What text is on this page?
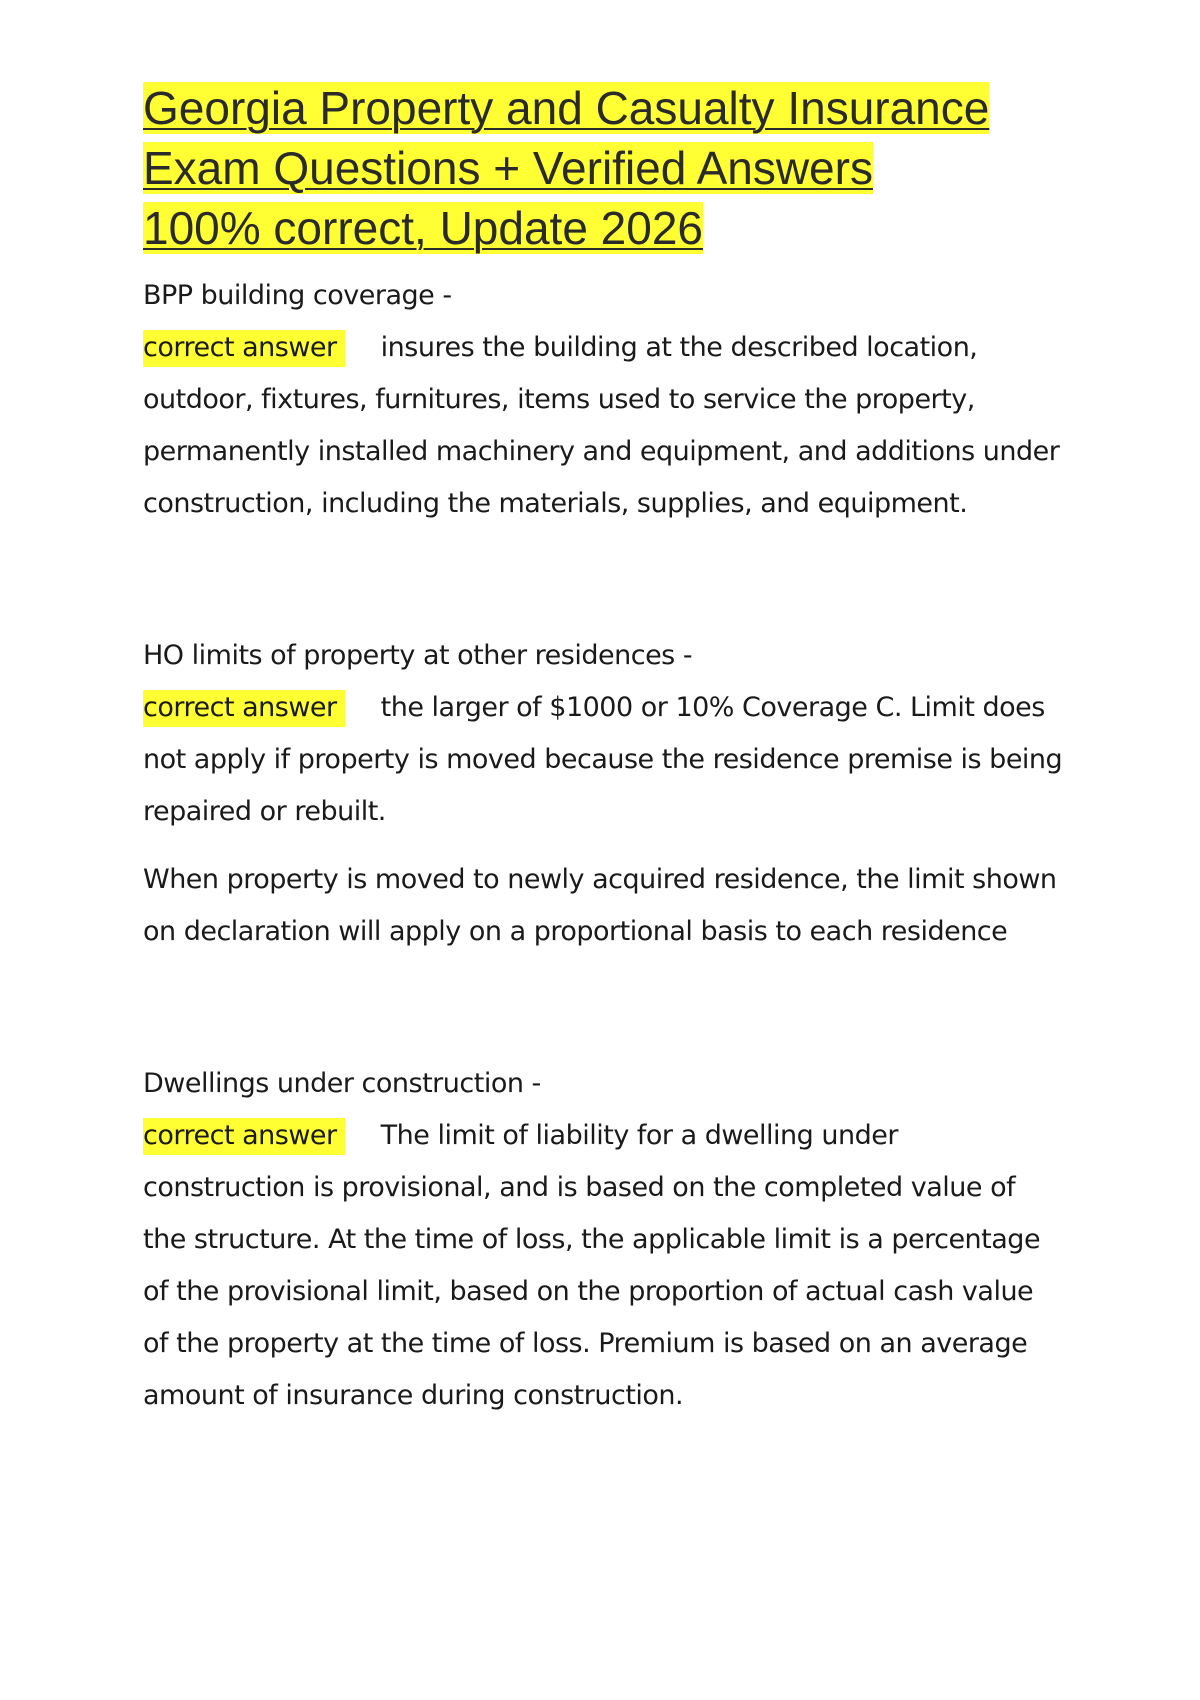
Georgia Property and Casualty Insurance
Exam Questions + Verified Answers
100% correct, Update 2026

BPP building coverage -

correct answer insures the building at the described location, outdoor, fixtures, furnitures, items used to service the property, permanently installed machinery and equipment, and additions under construction, including the materials, supplies, and equipment.

HO limits of property at other residences -

correct answer the larger of $1000 or 10% Coverage C. Limit does not apply if property is moved because the residence premise is being repaired or rebuilt.

When property is moved to newly acquired residence, the limit shown on declaration will apply on a proportional basis to each residence

Dwellings under construction -

correct answer The limit of liability for a dwelling under construction is provisional, and is based on the completed value of the structure. At the time of loss, the applicable limit is a percentage of the provisional limit, based on the proportion of actual cash value of the property at the time of loss. Premium is based on an average amount of insurance during construction.
